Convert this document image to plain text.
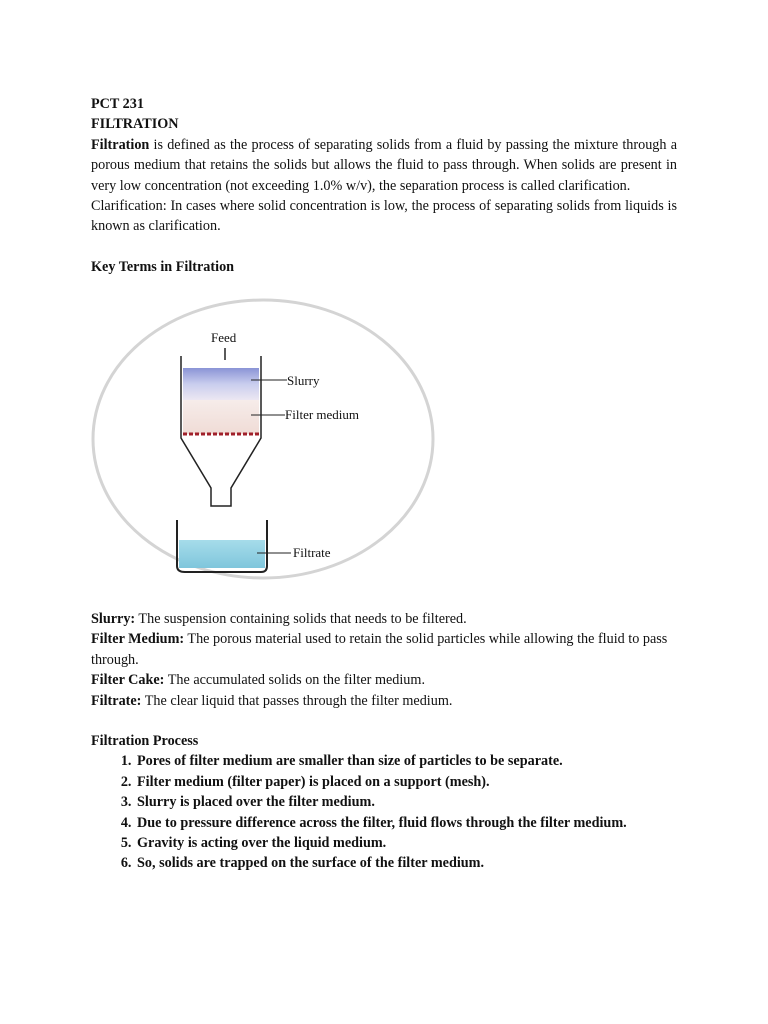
PCT 231

FILTRATION

Filtration is defined as the process of separating solids from a fluid by passing the mixture through a porous medium that retains the solids but allows the fluid to pass through. When solids are present in very low concentration (not exceeding 1.0% w/v), the separation process is called clarification.

Clarification: In cases where solid concentration is low, the process of separating solids from liquids is known as clarification.

Key Terms in Filtration

Feed
Slurry
Filter medium
Filtrate

Slurry: The suspension containing solids that needs to be filtered.

Filter Medium: The porous material used to retain the solid particles while allowing the fluid to pass through.

Filter Cake: The accumulated solids on the filter medium.

Filtrate: The clear liquid that passes through the filter medium.

Filtration Process

1. Pores of filter medium are smaller than size of particles to be separate.
2. Filter medium (filter paper) is placed on a support (mesh).
3. Slurry is placed over the filter medium.
4. Due to pressure difference across the filter, fluid flows through the filter medium.
5. Gravity is acting over the liquid medium.
6. So, solids are trapped on the surface of the filter medium.
